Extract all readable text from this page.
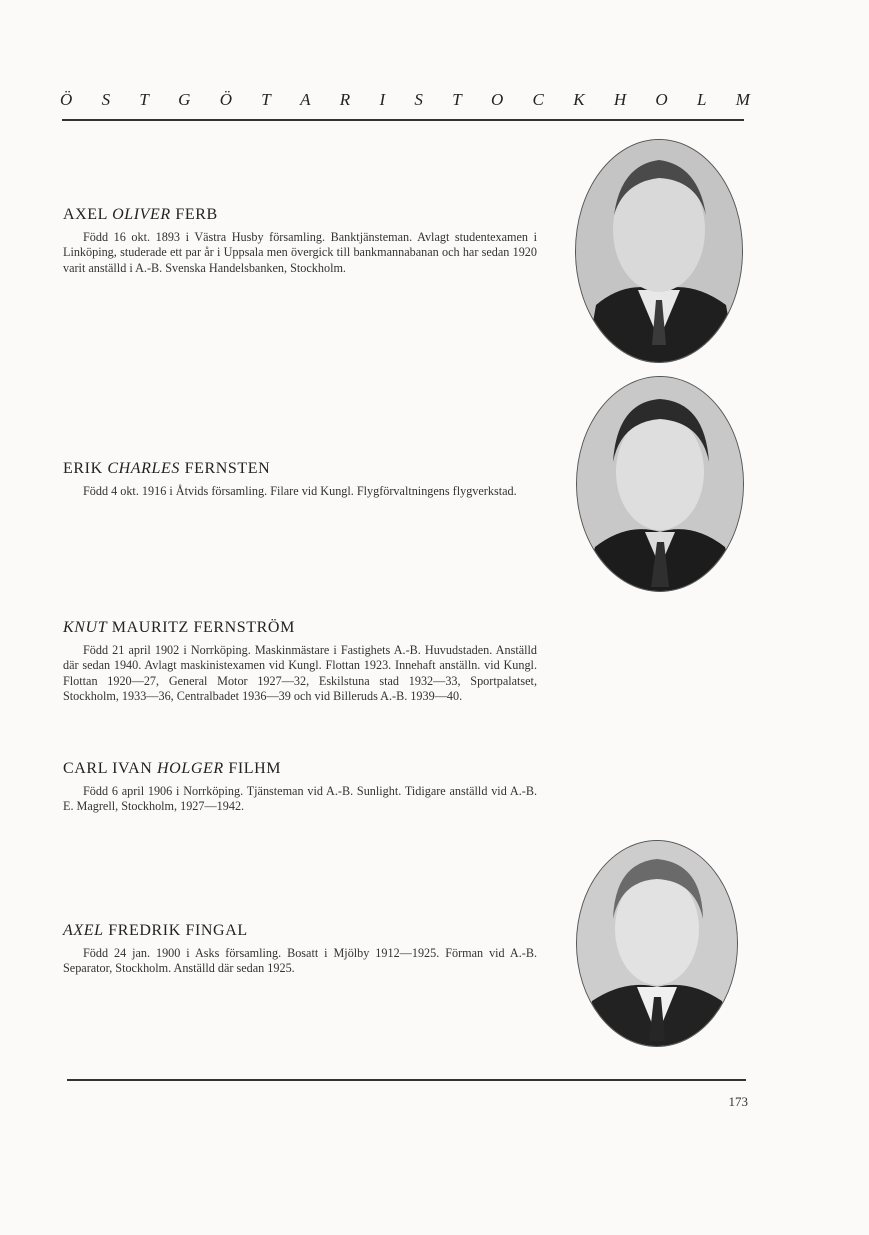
Ö S T G Ö T A R I S T O C K H O L M
AXEL OLIVER FERB

Född 16 okt. 1893 i Västra Husby församling. Banktjänsteman. Avlagt studentexamen i Linköping, studerade ett par år i Uppsala men övergick till bankmannabanan och har sedan 1920 varit anställd i A.-B. Svenska Handelsbanken, Stockholm.

ERIK CHARLES FERNSTEN

Född 4 okt. 1916 i Åtvids församling. Filare vid Kungl. Flygförvaltningens flygverkstad.

KNUT MAURITZ FERNSTRÖM

Född 21 april 1902 i Norrköping. Maskinmästare i Fastighets A.-B. Huvudstaden. Anställd där sedan 1940. Avlagt maskinistexamen vid Kungl. Flottan 1923. Innehaft anställn. vid Kungl. Flottan 1920—27, General Motor 1927—32, Eskilstuna stad 1932—33, Sportpalatset, Stockholm, 1933—36, Centralbadet 1936—39 och vid Billeruds A.-B. 1939—40.

CARL IVAN HOLGER FILHM

Född 6 april 1906 i Norrköping. Tjänsteman vid A.-B. Sunlight. Tidigare anställd vid A.-B. E. Magrell, Stockholm, 1927—1942.

AXEL FREDRIK FINGAL

Född 24 jan. 1900 i Asks församling. Bosatt i Mjölby 1912—1925. Förman vid A.-B. Separator, Stockholm. Anställd där sedan 1925.

173
